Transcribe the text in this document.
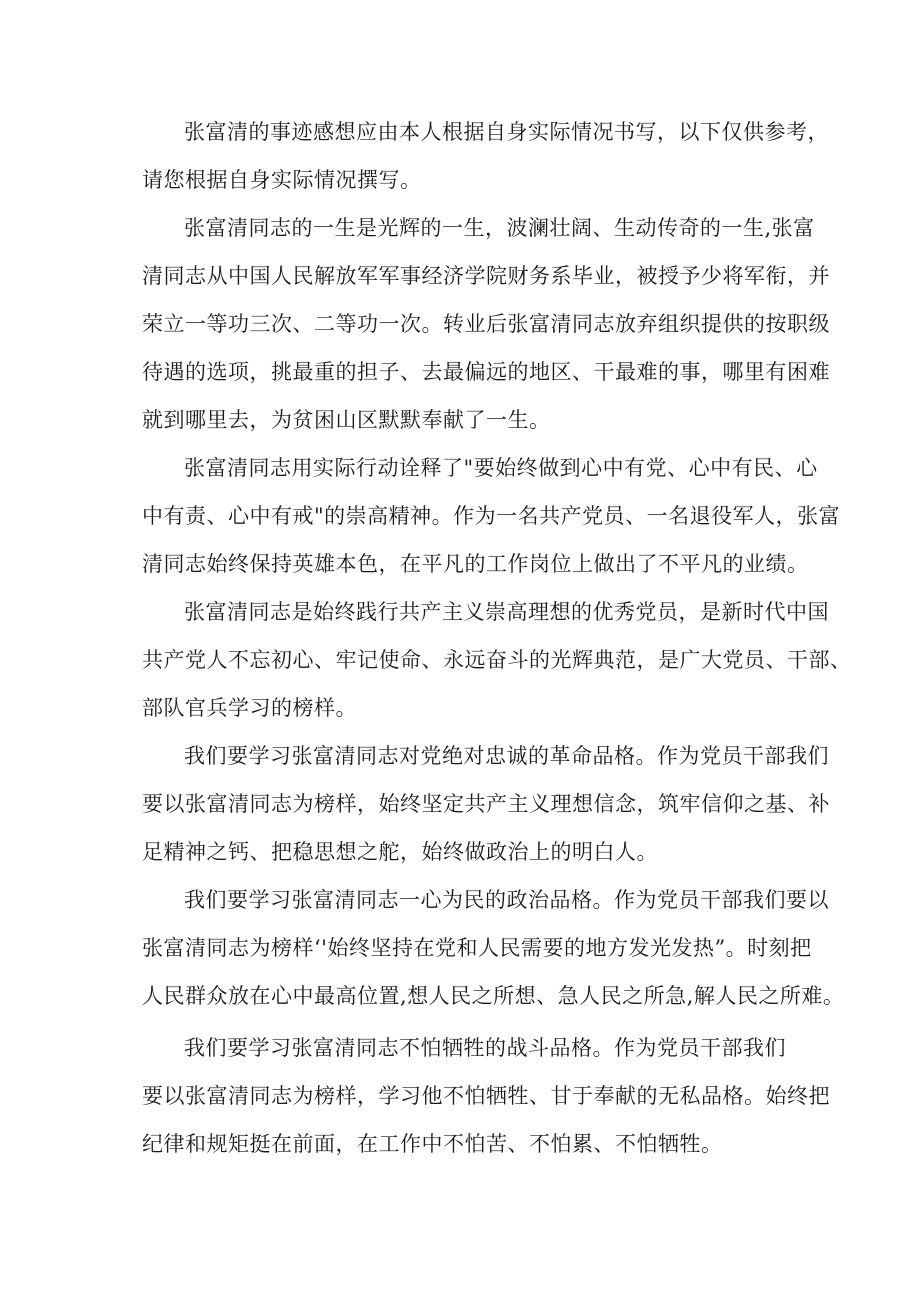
张富清的事迹感想应由本人根据自身实际情况书写，以下仅供参考，
请您根据自身实际情况撰写。
张富清同志的一生是光辉的一生，波澜壮阔、生动传奇的一生,张富
清同志从中国人民解放军军事经济学院财务系毕业，被授予少将军衔，并
荣立一等功三次、二等功一次。转业后张富清同志放弃组织提供的按职级
待遇的选项，挑最重的担子、去最偏远的地区、干最难的事，哪里有困难
就到哪里去，为贫困山区默默奉献了一生。
张富清同志用实际行动诠释了"要始终做到心中有党、心中有民、心
中有责、心中有戒"的崇高精神。作为一名共产党员、一名退役军人，张富
清同志始终保持英雄本色，在平凡的工作岗位上做出了不平凡的业绩。
张富清同志是始终践行共产主义崇高理想的优秀党员，是新时代中国
共产党人不忘初心、牢记使命、永远奋斗的光辉典范，是广大党员、干部、
部队官兵学习的榜样。
我们要学习张富清同志对党绝对忠诚的革命品格。作为党员干部我们
要以张富清同志为榜样，始终坚定共产主义理想信念，筑牢信仰之基、补
足精神之钙、把稳思想之舵，始终做政治上的明白人。
我们要学习张富清同志一心为民的政治品格。作为党员干部我们要以
张富清同志为榜样‘'始终坚持在党和人民需要的地方发光发热”。时刻把
人民群众放在心中最高位置,想人民之所想、急人民之所急,解人民之所难。
我们要学习张富清同志不怕牺牲的战斗品格。作为党员干部我们
要以张富清同志为榜样，学习他不怕牺牲、甘于奉献的无私品格。始终把
纪律和规矩挺在前面，在工作中不怕苦、不怕累、不怕牺牲。
